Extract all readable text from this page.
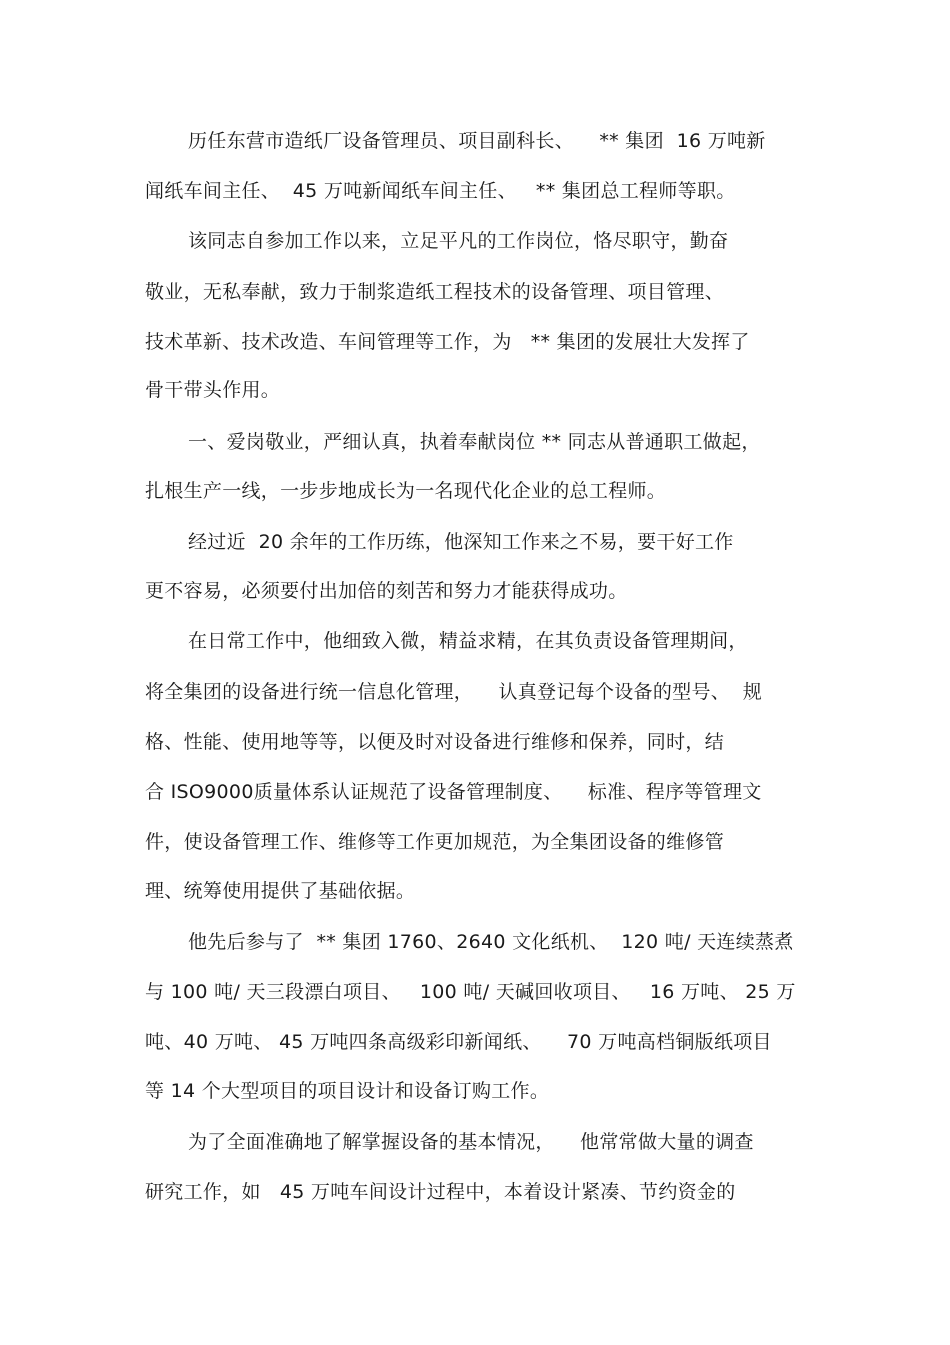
历任东营市造纸厂设备管理员、项目副科长、    ** 集团  16 万吨新
闻纸车间主任、  45 万吨新闻纸车间主任、   ** 集团总工程师等职。
该同志自参加工作以来，立足平凡的工作岗位，恪尽职守，勤奋
敬业，无私奉献，致力于制浆造纸工程技术的设备管理、项目管理、
技术革新、技术改造、车间管理等工作，为   ** 集团的发展壮大发挥了
骨干带头作用。
一、爱岗敬业，严细认真，执着奉献岗位 ** 同志从普通职工做起，
扎根生产一线，一步步地成长为一名现代化企业的总工程师。
经过近  20 余年的工作历练，他深知工作来之不易，要干好工作
更不容易，必须要付出加倍的刻苦和努力才能获得成功。
在日常工作中，他细致入微，精益求精，在其负责设备管理期间，
将全集团的设备进行统一信息化管理，    认真登记每个设备的型号、  规
格、性能、使用地等等，以便及时对设备进行维修和保养，同时，结
合 ISO9000质量体系认证规范了设备管理制度、    标准、程序等管理文
件，使设备管理工作、维修等工作更加规范，为全集团设备的维修管
理、统筹使用提供了基础依据。
他先后参与了  ** 集团 1760、2640 文化纸机、  120 吨/ 天连续蒸煮
与 100 吨/ 天三段漂白项目、   100 吨/ 天碱回收项目、   16 万吨、 25 万
吨、40 万吨、 45 万吨四条高级彩印新闻纸、    70 万吨高档铜版纸项目
等 14 个大型项目的项目设计和设备订购工作。
为了全面准确地了解掌握设备的基本情况，    他常常做大量的调查
研究工作，如   45 万吨车间设计过程中，本着设计紧凑、节约资金的
